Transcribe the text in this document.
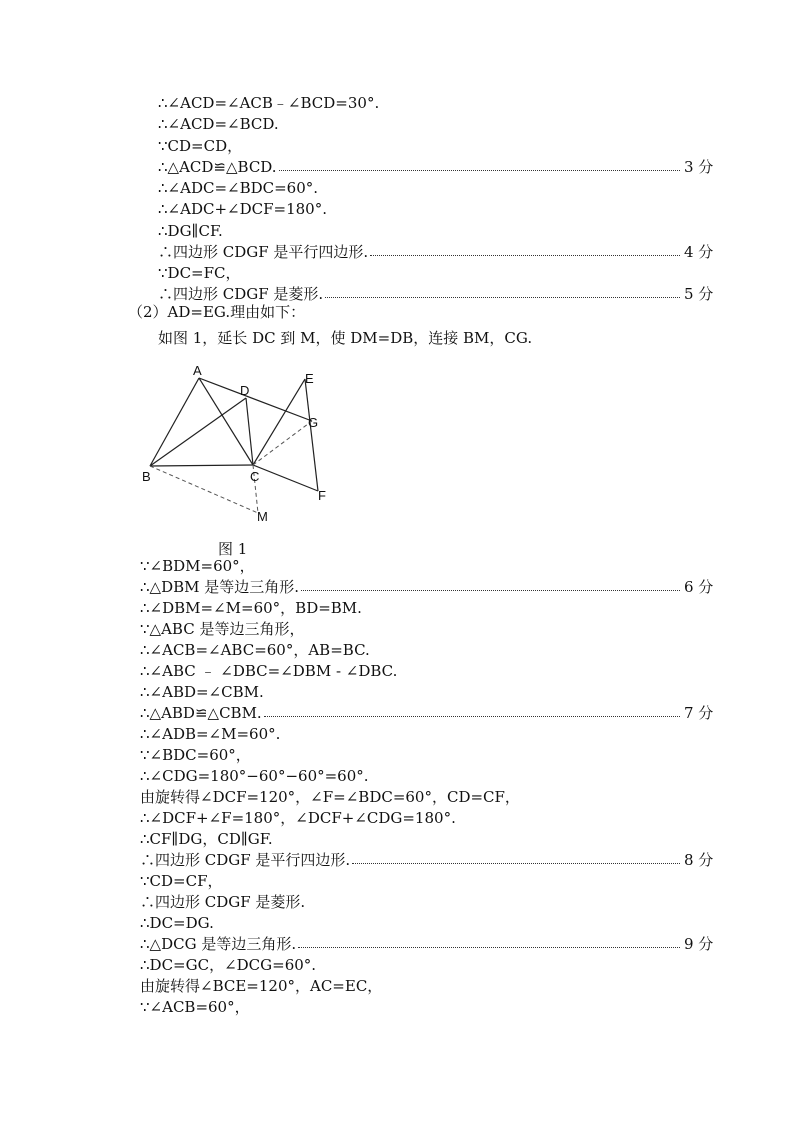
∴∠ACD=∠ACB﹣∠BCD=30°.
∴∠ACD=∠BCD.
∵CD=CD，
∴△ACD≌△BCD.	3 分
∴∠ADC=∠BDC=60°.
∴∠ADC+∠DCF=180°.
∴DG∥CF.
∴四边形 CDGF 是平行四边形.	4 分
∵DC=FC，
∴四边形 CDGF 是菱形.	5 分
（2）AD=EG.理由如下：
如图 1，延长 DC 到 M，使 DM=DB，连接 BM，CG.
A
D
E
G
B	C
F
M
图 1
∵∠BDM=60°，
∴△DBM 是等边三角形.	6 分
∴∠DBM=∠M=60°，BD=BM.
∵△ABC 是等边三角形，
∴∠ACB=∠ABC=60°，AB=BC.
∴∠ABC ﹣ ∠DBC=∠DBM - ∠DBC.
∴∠ABD=∠CBM.
∴△ABD≌△CBM.	7 分
∴∠ADB=∠M=60°.
∵∠BDC=60°，
∴∠CDG=180°−60°−60°=60°.
由旋转得∠DCF=120°，∠F=∠BDC=60°，CD=CF，
∴∠DCF+∠F=180°，∠DCF+∠CDG=180°.
∴CF∥DG，CD∥GF.
∴四边形 CDGF 是平行四边形.	8 分
∵CD=CF，
∴四边形 CDGF 是菱形.
∴DC=DG.
∴△DCG 是等边三角形.	9 分
∴DC=GC，∠DCG=60°.
由旋转得∠BCE=120°，AC=EC，
∵∠ACB=60°，
